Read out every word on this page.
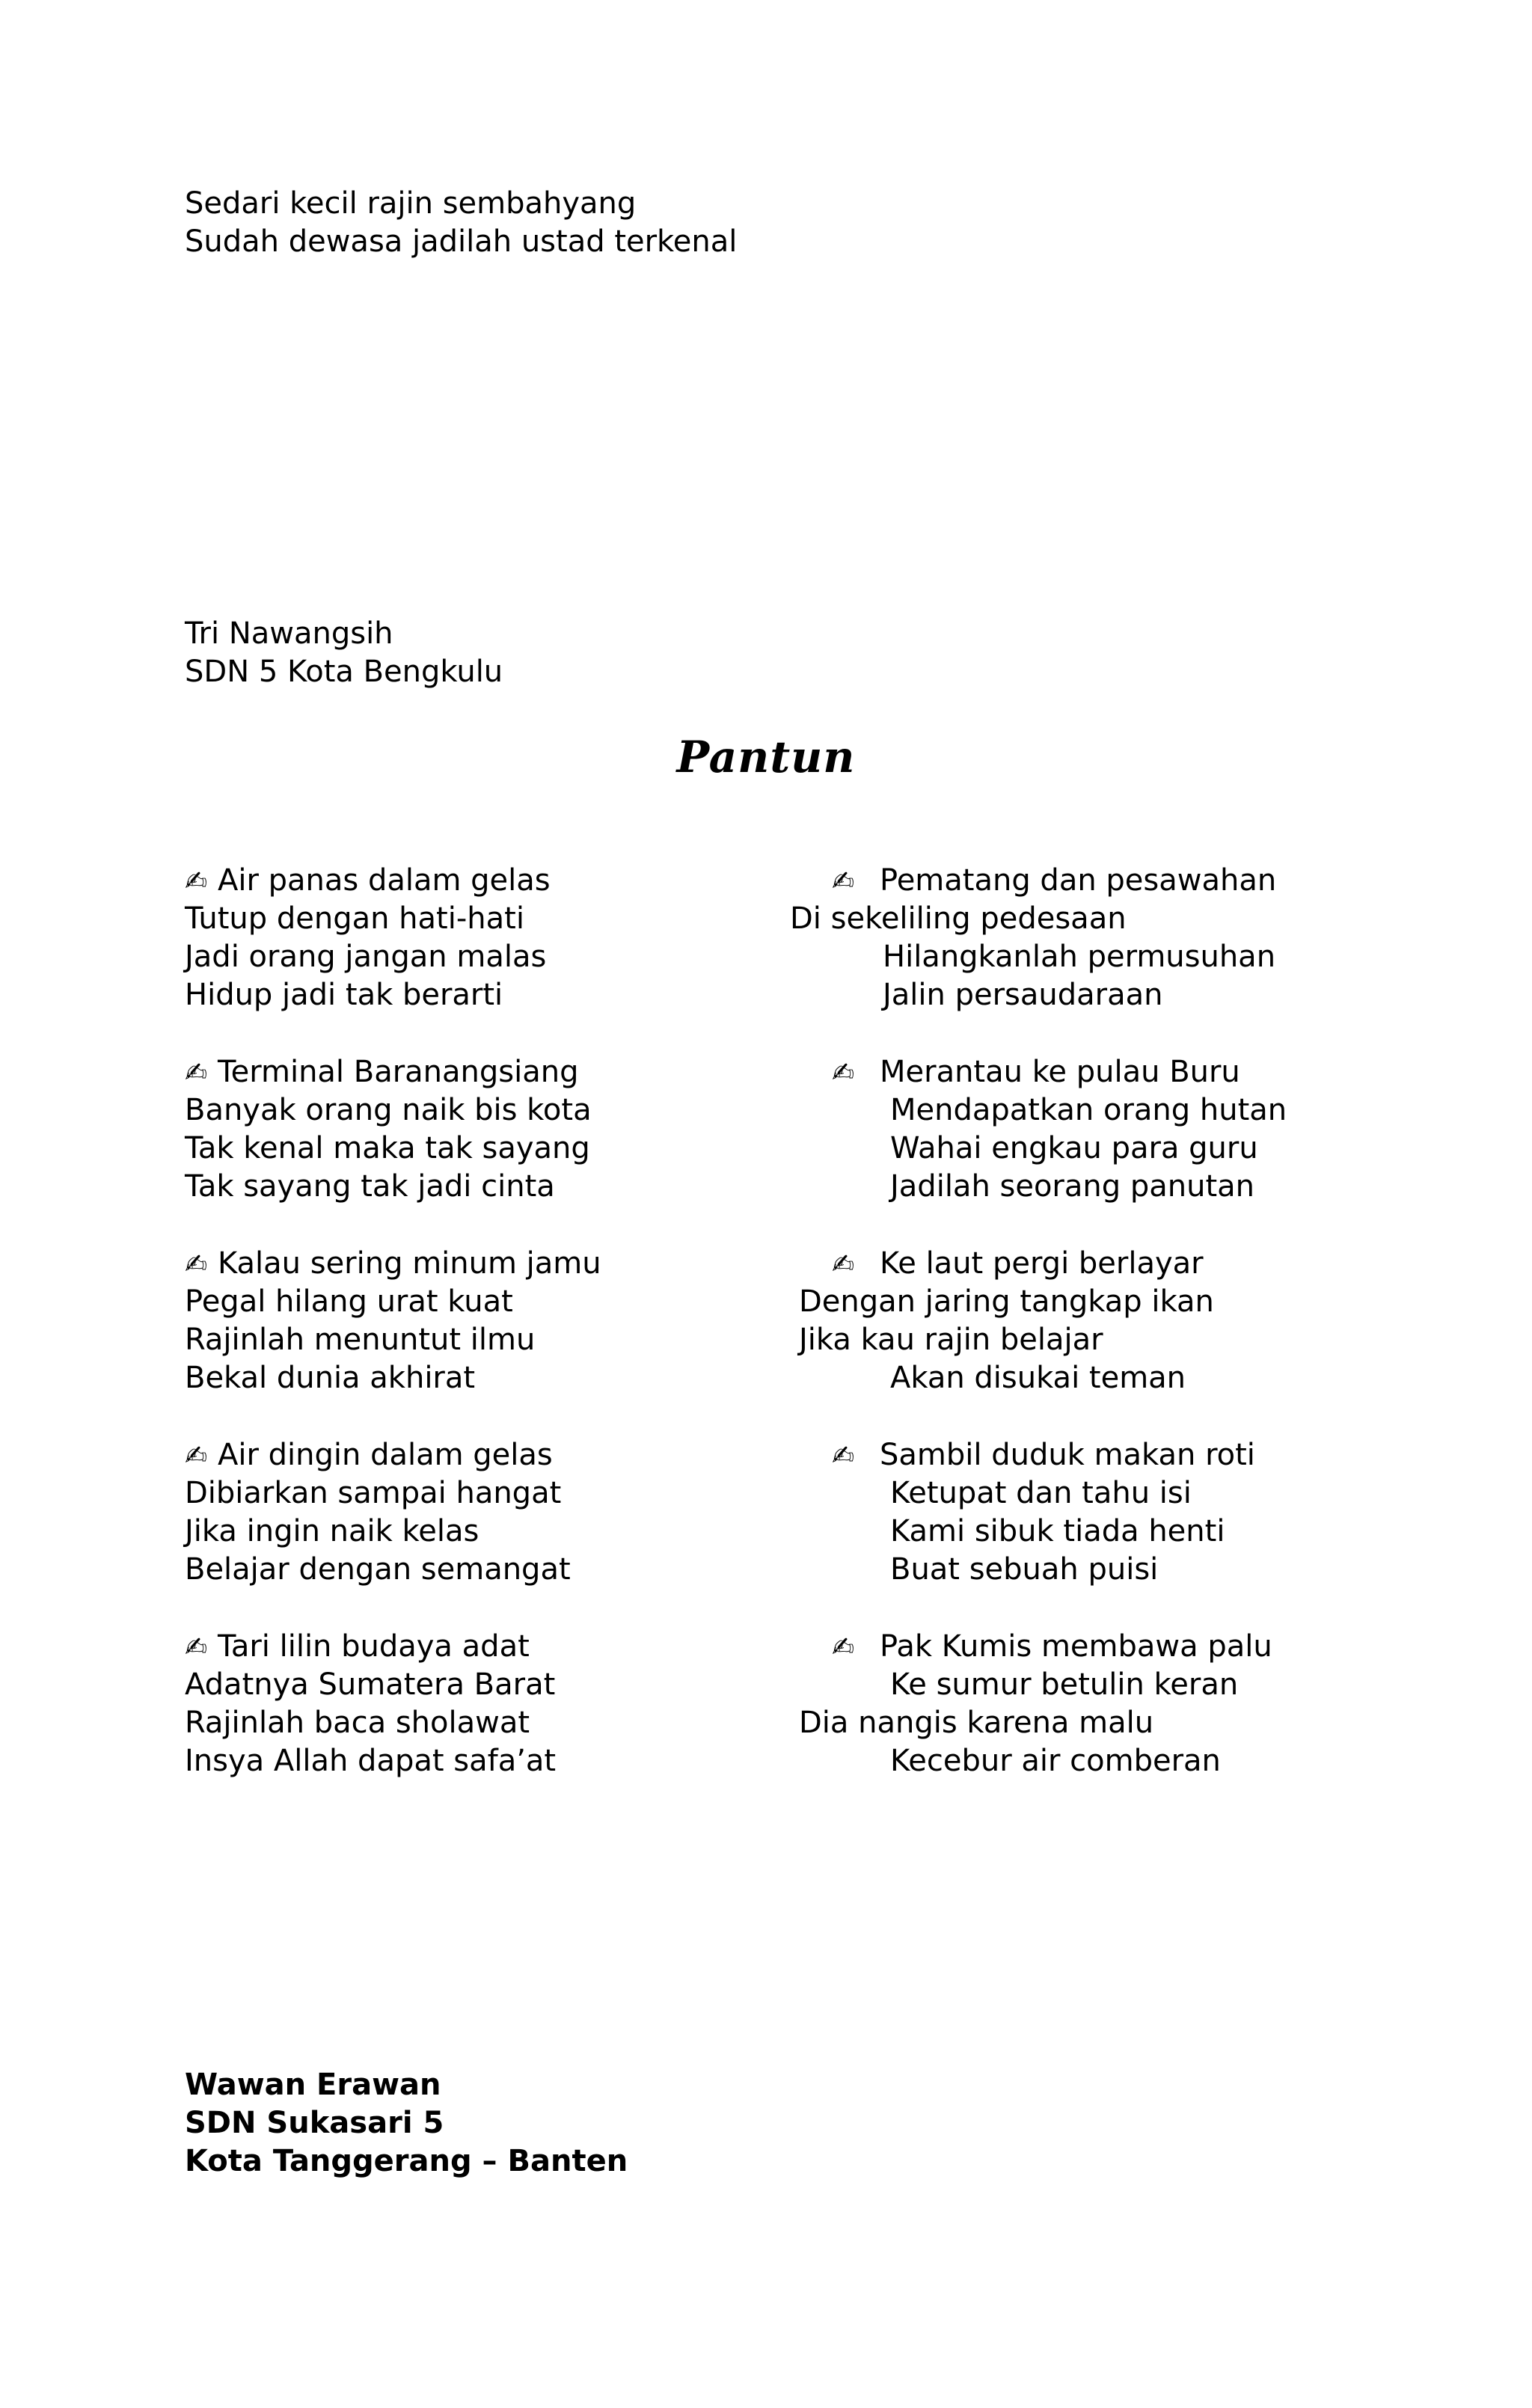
Sedari kecil rajin sembahyang

Sudah dewasa jadilah ustad terkenal

Tri Nawangsih

SDN 5 Kota Bengkulu

Pantun

✍ Air panas dalam gelas

Tutup dengan hati-hati

Jadi orang jangan malas

Hidup jadi tak berarti

✍ Terminal Baranangsiang

Banyak orang naik bis kota

Tak kenal maka tak sayang

Tak sayang tak jadi cinta

✍ Kalau sering minum jamu

Pegal hilang urat kuat

Rajinlah menuntut ilmu

Bekal dunia akhirat

✍ Air dingin dalam gelas

Dibiarkan sampai hangat

Jika ingin naik kelas

Belajar dengan semangat

✍ Tari lilin budaya adat

Adatnya Sumatera Barat

Rajinlah baca sholawat

Insya Allah dapat safa’at

✍ Pematang dan pesawahan

Di sekeliling pedesaan

Hilangkanlah permusuhan

Jalin persaudaraan

✍ Merantau ke pulau Buru

Mendapatkan orang hutan

Wahai engkau para guru

Jadilah seorang panutan

✍ Ke laut pergi berlayar

Dengan jaring tangkap ikan

Jika kau rajin belajar

Akan disukai teman

✍ Sambil duduk makan roti

Ketupat dan tahu isi

Kami sibuk tiada henti

Buat sebuah puisi

✍ Pak Kumis membawa palu

Ke sumur betulin keran

Dia nangis karena malu

Kecebur air comberan

Wawan Erawan

SDN Sukasari 5

Kota Tanggerang – Banten
